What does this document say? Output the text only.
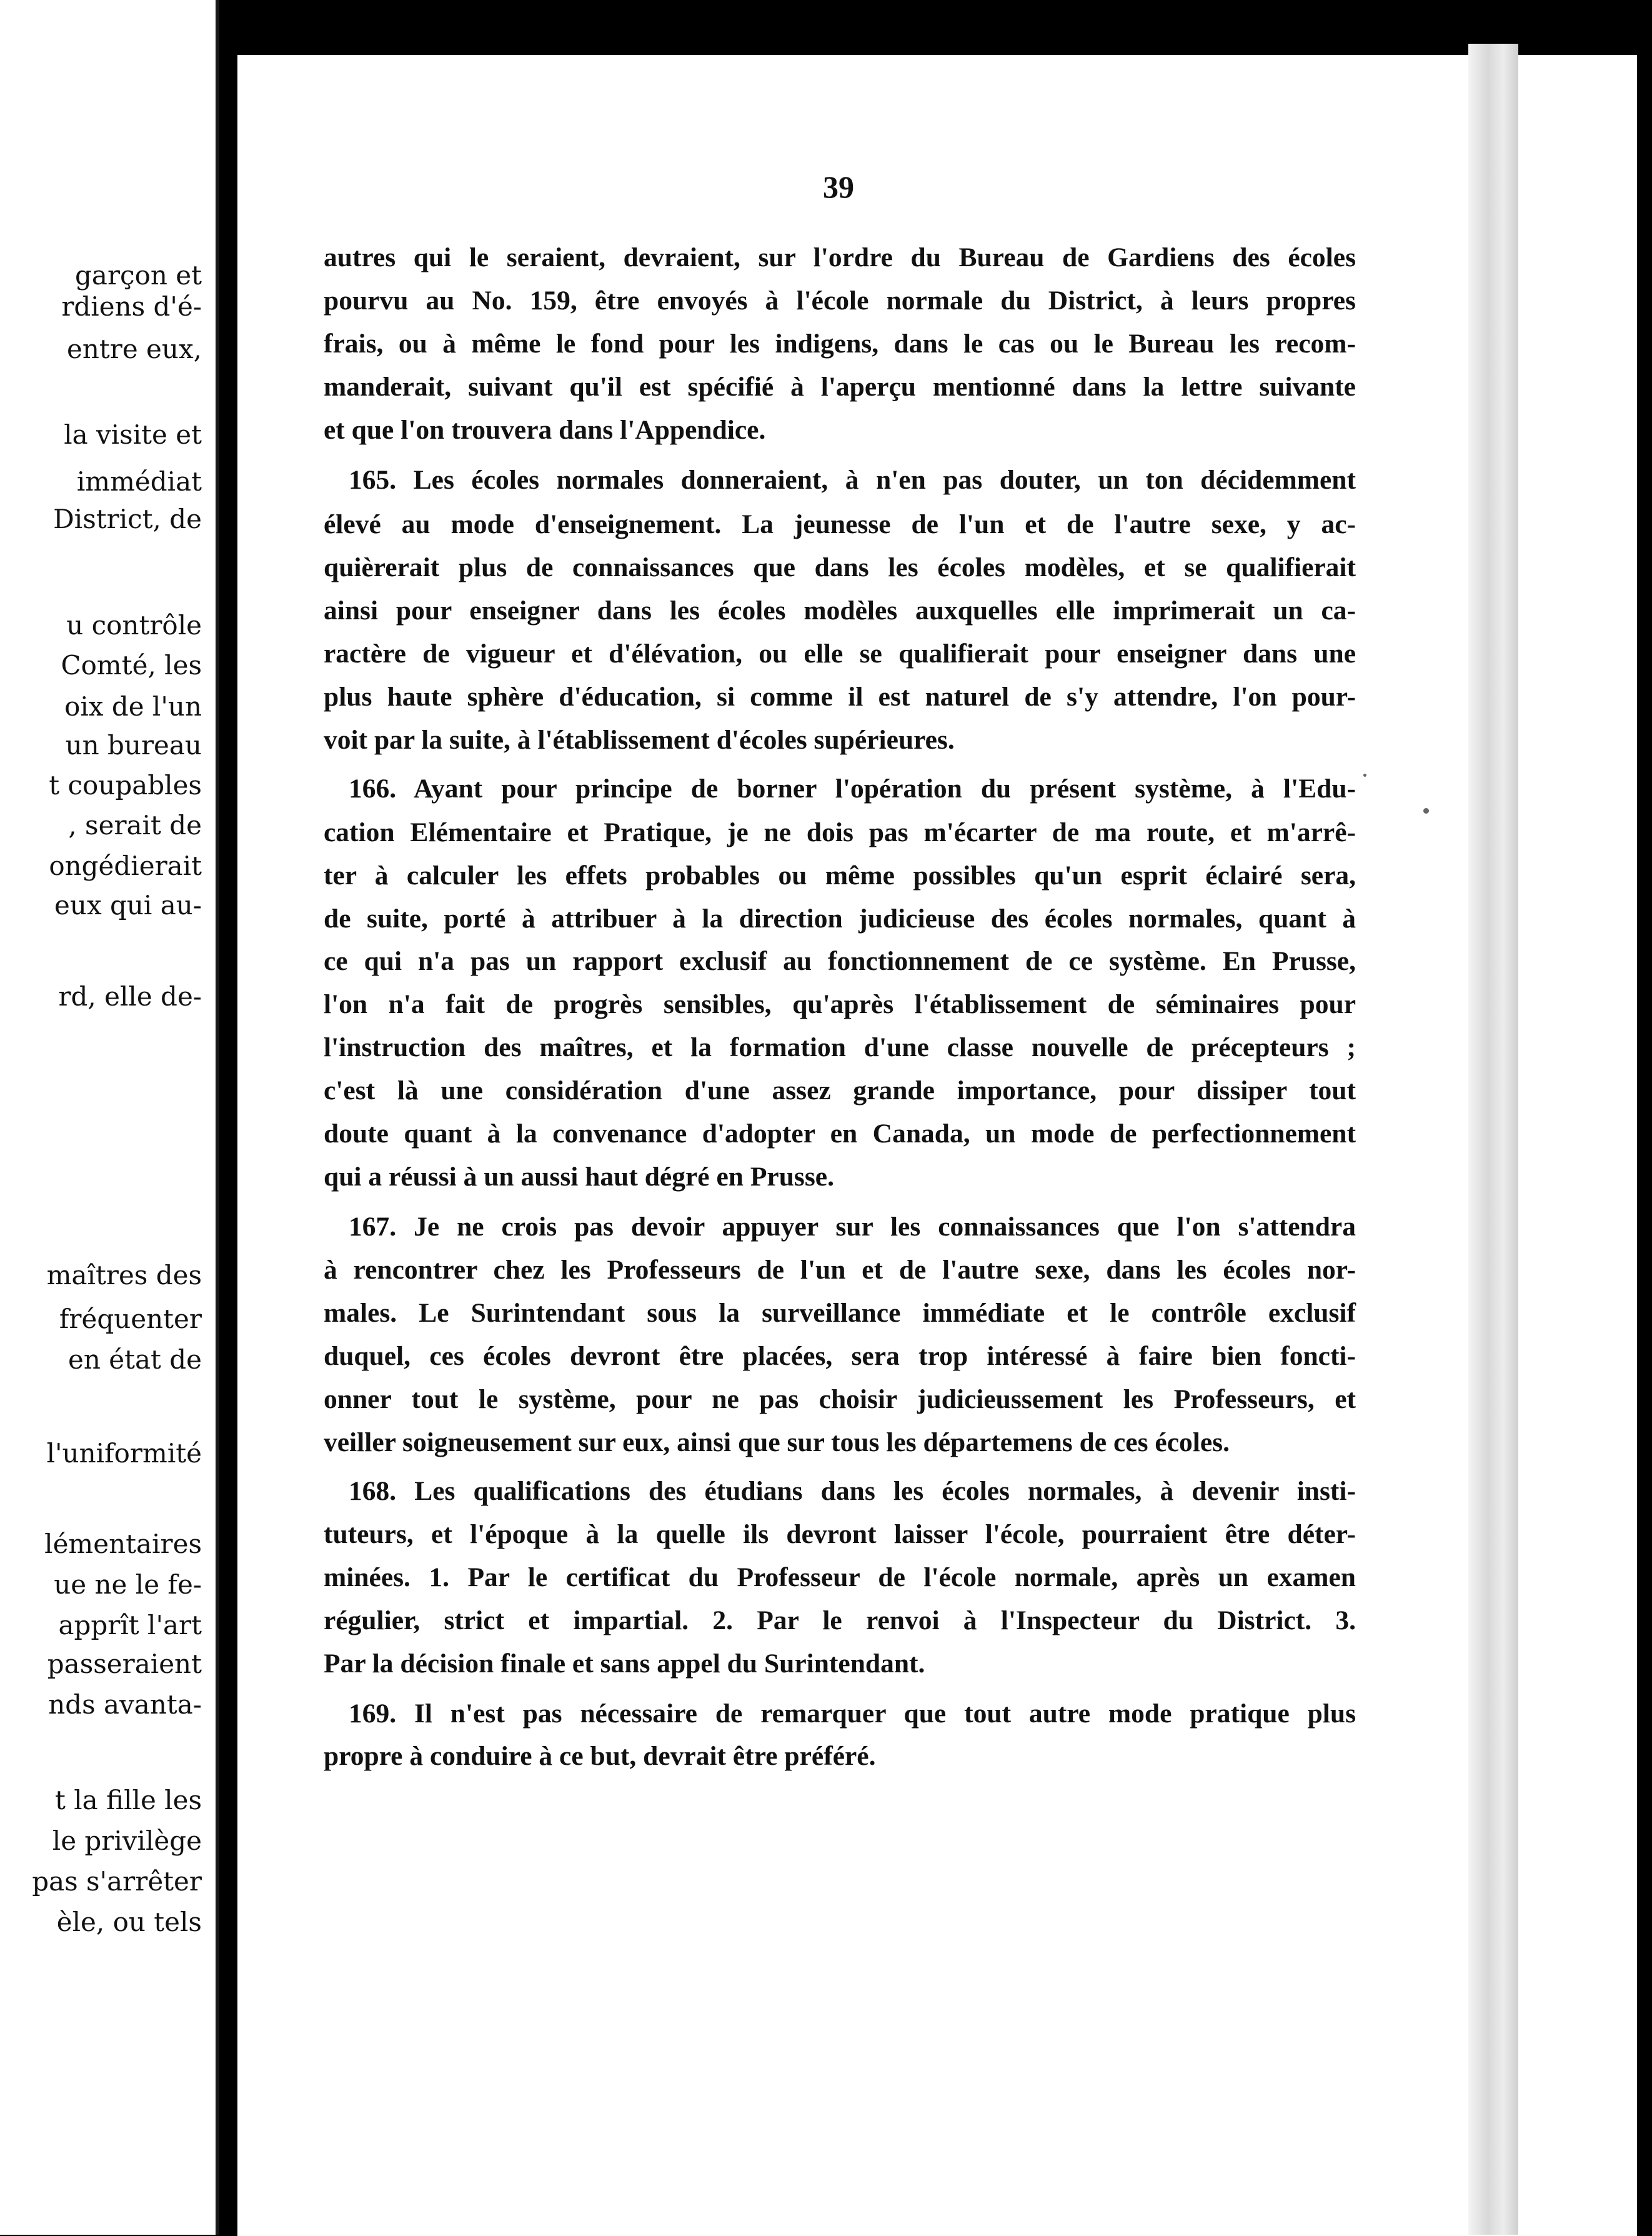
garçon et
rdiens d'é-
entre eux,
la visite et
immédiat
District, de
u contrôle
Comté, les
oix de l'un
un bureau
t coupables
, serait de
ongédierait
eux qui au-
rd, elle de-
maîtres des
fréquenter
en état de
l'uniformité
lémentaires
ue ne le fe-
apprît l'art
passeraient
nds avanta-
t la fille les
le privilège
pas s'arrêter
èle, ou tels
39
autres qui le seraient, devraient, sur l'ordre du Bureau de Gardiens des écoles
pourvu au No. 159, être envoyés à l'école normale du District, à leurs propres
frais, ou à même le fond pour les indigens, dans le cas ou le Bureau les recom-
manderait, suivant qu'il est spécifié à l'aperçu mentionné dans la lettre suivante
et que l'on trouvera dans l'Appendice.
165. Les écoles normales donneraient, à n'en pas douter, un ton décidemment
élevé au mode d'enseignement. La jeunesse de l'un et de l'autre sexe, y ac-
quièrerait plus de connaissances que dans les écoles modèles, et se qualifierait
ainsi pour enseigner dans les écoles modèles auxquelles elle imprimerait un ca-
ractère de vigueur et d'élévation, ou elle se qualifierait pour enseigner dans une
plus haute sphère d'éducation, si comme il est naturel de s'y attendre, l'on pour-
voit par la suite, à l'établissement d'écoles supérieures.
166. Ayant pour principe de borner l'opération du présent système, à l'Edu-
cation Elémentaire et Pratique, je ne dois pas m'écarter de ma route, et m'arrê-
ter à calculer les effets probables ou même possibles qu'un esprit éclairé sera,
de suite, porté à attribuer à la direction judicieuse des écoles normales, quant à
ce qui n'a pas un rapport exclusif au fonctionnement de ce système. En Prusse,
l'on n'a fait de progrès sensibles, qu'après l'établissement de séminaires pour
l'instruction des maîtres, et la formation d'une classe nouvelle de précepteurs ;
c'est là une considération d'une assez grande importance, pour dissiper tout
doute quant à la convenance d'adopter en Canada, un mode de perfectionnement
qui a réussi à un aussi haut dégré en Prusse.
167. Je ne crois pas devoir appuyer sur les connaissances que l'on s'attendra
à rencontrer chez les Professeurs de l'un et de l'autre sexe, dans les écoles nor-
males. Le Surintendant sous la surveillance immédiate et le contrôle exclusif
duquel, ces écoles devront être placées, sera trop intéressé à faire bien foncti-
onner tout le système, pour ne pas choisir judicieussement les Professeurs, et
veiller soigneusement sur eux, ainsi que sur tous les départemens de ces écoles.
168. Les qualifications des étudians dans les écoles normales, à devenir insti-
tuteurs, et l'époque à la quelle ils devront laisser l'école, pourraient être déter-
minées. 1. Par le certificat du Professeur de l'école normale, après un examen
régulier, strict et impartial. 2. Par le renvoi à l'Inspecteur du District. 3.
Par la décision finale et sans appel du Surintendant.
169. Il n'est pas nécessaire de remarquer que tout autre mode pratique plus
propre à conduire à ce but, devrait être préféré.
